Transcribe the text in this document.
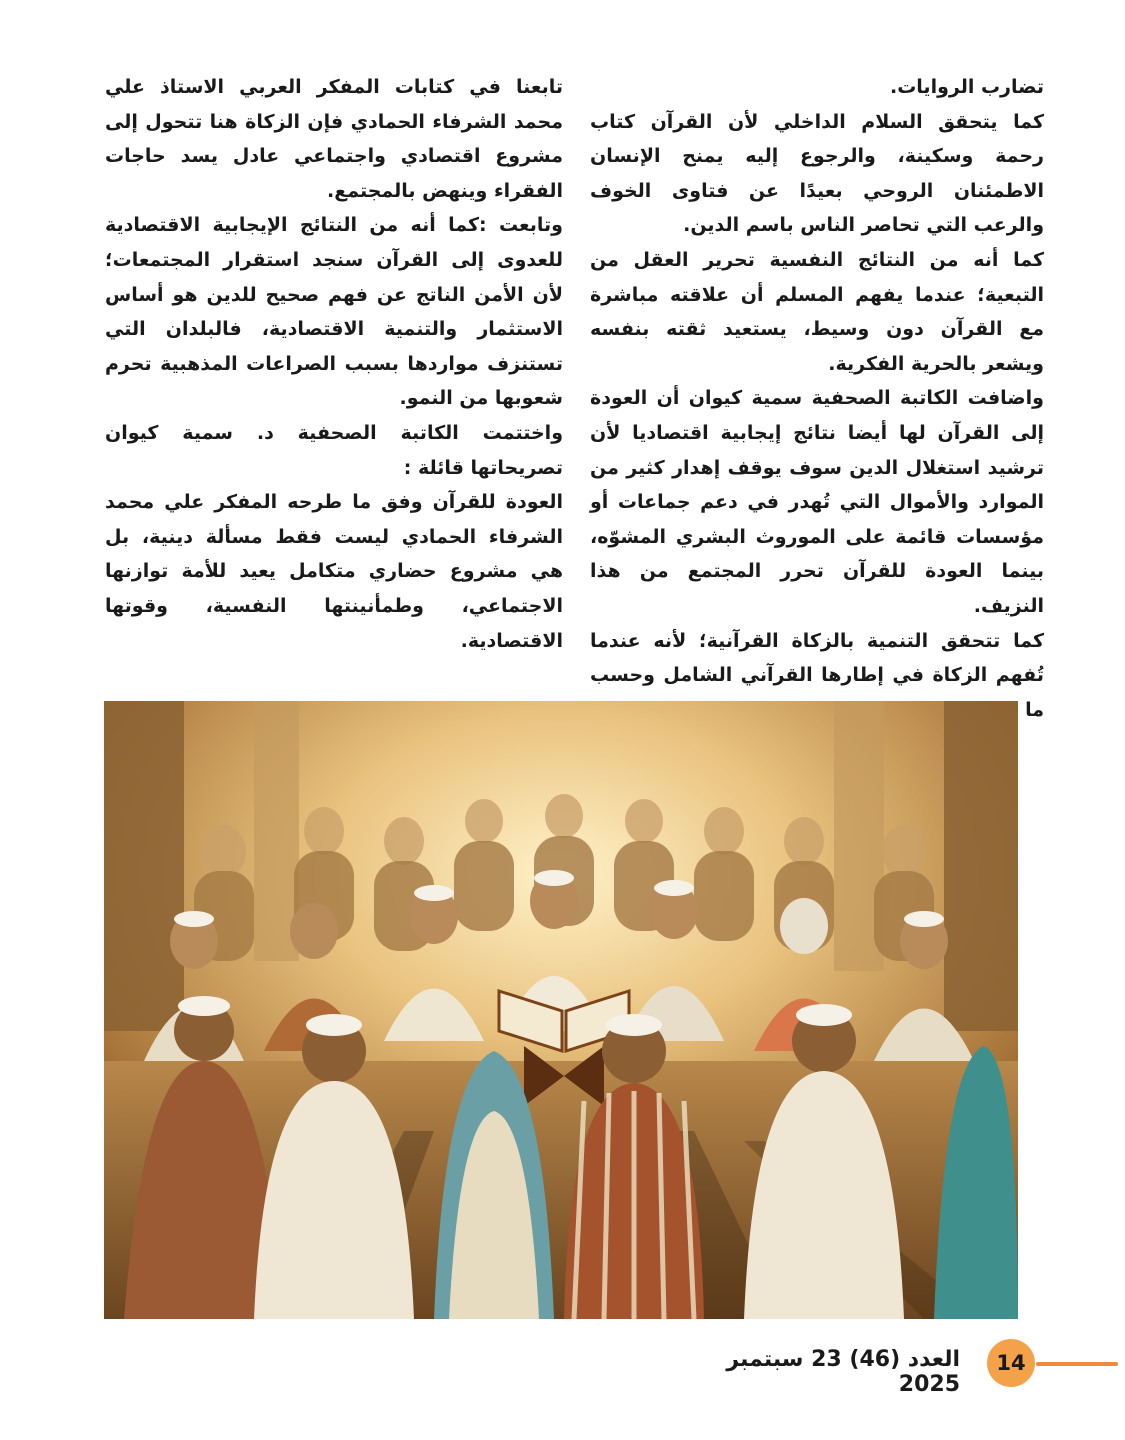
تضارب الروايات.

كما يتحقق السلام الداخلي لأن القرآن كتاب رحمة وسكينة، والرجوع إليه يمنح الإنسان الاطمئنان الروحي بعيدًا عن فتاوى الخوف والرعب التي تحاصر الناس باسم الدين.

كما أنه من النتائج النفسية تحرير العقل من التبعية؛ عندما يفهم المسلم أن علاقته مباشرة مع القرآن دون وسيط، يستعيد ثقته بنفسه ويشعر بالحرية الفكرية.

واضافت الكاتبة الصحفية سمية كيوان أن العودة إلى القرآن لها أيضا نتائج إيجابية اقتصاديا لأن ترشيد استغلال الدين سوف يوقف إهدار كثير من الموارد والأموال التي تُهدر في دعم جماعات أو مؤسسات قائمة على الموروث البشري المشوّه، بينما العودة للقرآن تحرر المجتمع من هذا النزيف.

كما تتحقق التنمية بالزكاة القرآنية؛ لأنه عندما تُفهم الزكاة في إطارها القرآني الشامل وحسب ما

تابعنا في كتابات المفكر العربي الاستاذ علي محمد الشرفاء الحمادي فإن الزكاة هنا تتحول إلى مشروع اقتصادي واجتماعي عادل يسد حاجات الفقراء وينهض بالمجتمع.

وتابعت :كما أنه من النتائج الإيجابية الاقتصادية للعدوى إلى القرآن سنجد استقرار المجتمعات؛ لأن الأمن الناتج عن فهم صحيح للدين هو أساس الاستثمار والتنمية الاقتصادية، فالبلدان التي تستنزف مواردها بسبب الصراعات المذهبية تحرم شعوبها من النمو.

واختتمت الكاتبة الصحفية د. سمية كيوان تصريحاتها قائلة :

العودة للقرآن وفق ما طرحه المفكر علي محمد الشرفاء الحمادي ليست فقط مسألة دينية، بل هي مشروع حضاري متكامل يعيد للأمة توازنها الاجتماعي، وطمأنينتها النفسية، وقوتها الاقتصادية.

العدد (46) 23 سبتمبر 2025
14
